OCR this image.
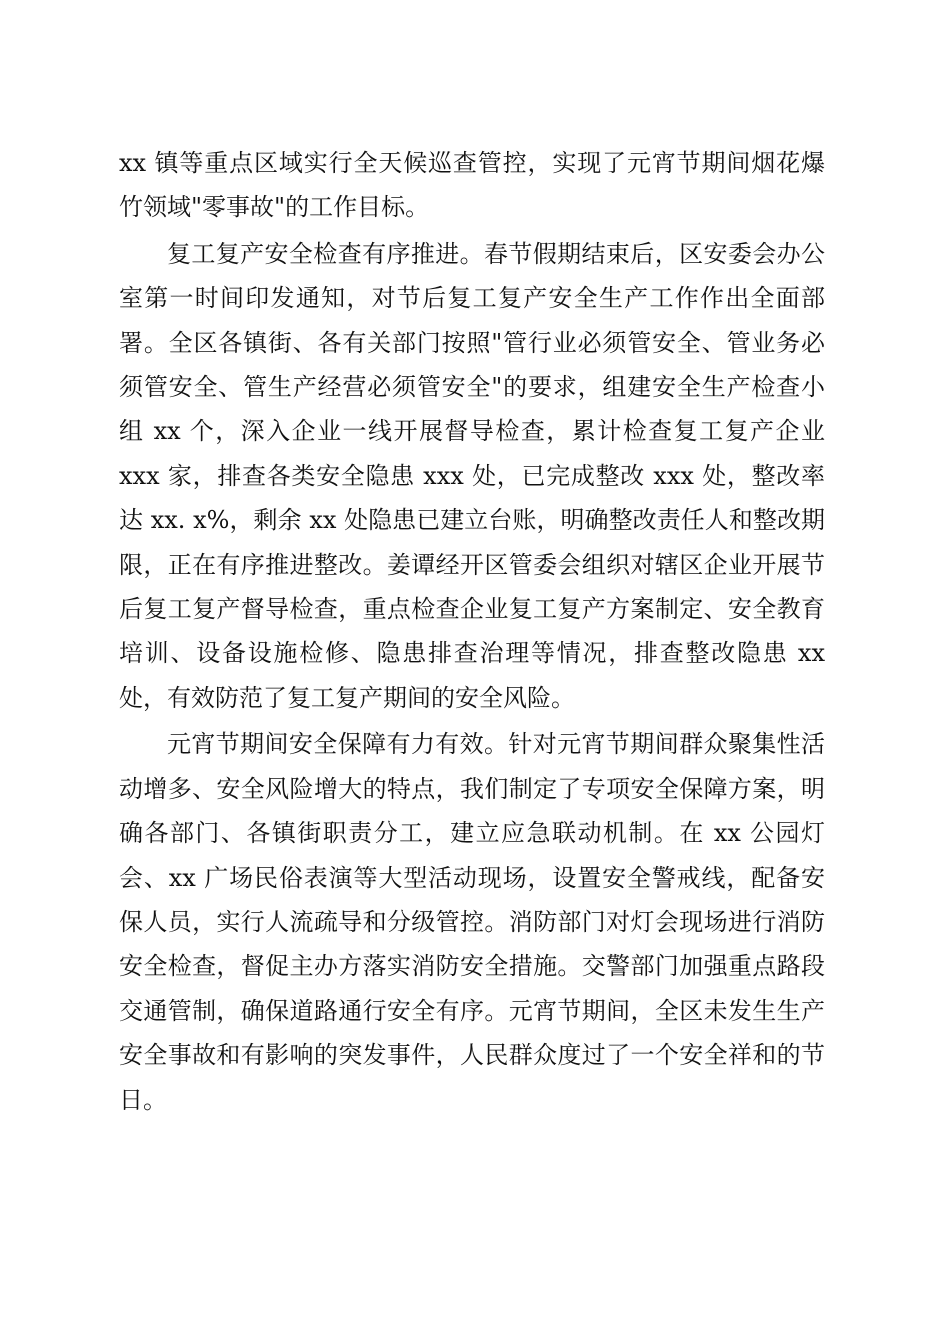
xx 镇等重点区域实行全天候巡查管控，实现了元宵节期间烟花爆竹领域"零事故"的工作目标。

复工复产安全检查有序推进。春节假期结束后，区安委会办公室第一时间印发通知，对节后复工复产安全生产工作作出全面部署。全区各镇街、各有关部门按照"管行业必须管安全、管业务必须管安全、管生产经营必须管安全"的要求，组建安全生产检查小组 xx 个，深入企业一线开展督导检查，累计检查复工复产企业 xxx 家，排查各类安全隐患 xxx 处，已完成整改 xxx 处，整改率达 xx. x%，剩余 xx 处隐患已建立台账，明确整改责任人和整改期限，正在有序推进整改。姜谭经开区管委会组织对辖区企业开展节后复工复产督导检查，重点检查企业复工复产方案制定、安全教育培训、设备设施检修、隐患排查治理等情况，排查整改隐患 xx 处，有效防范了复工复产期间的安全风险。

元宵节期间安全保障有力有效。针对元宵节期间群众聚集性活动增多、安全风险增大的特点，我们制定了专项安全保障方案，明确各部门、各镇街职责分工，建立应急联动机制。在 xx 公园灯会、xx 广场民俗表演等大型活动现场，设置安全警戒线，配备安保人员，实行人流疏导和分级管控。消防部门对灯会现场进行消防安全检查，督促主办方落实消防安全措施。交警部门加强重点路段交通管制，确保道路通行安全有序。元宵节期间，全区未发生生产安全事故和有影响的突发事件，人民群众度过了一个安全祥和的节日。
